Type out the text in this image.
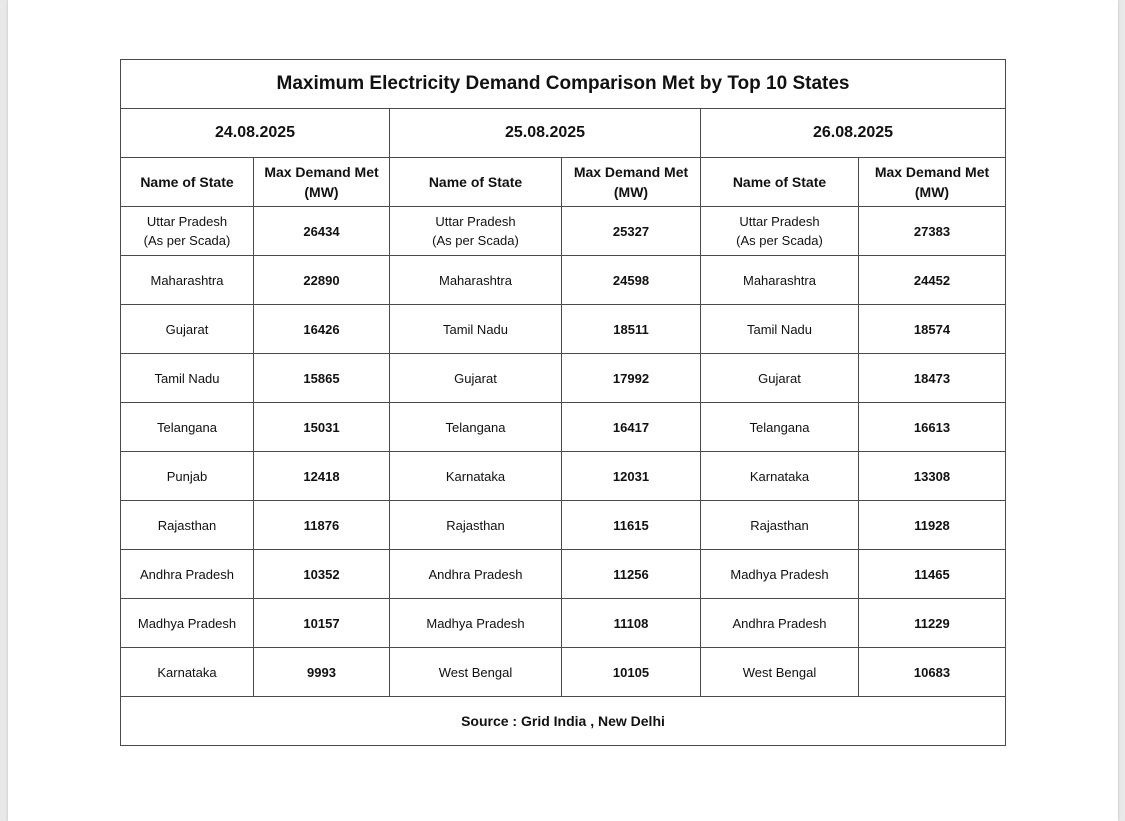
Maximum Electricity Demand Comparison Met by Top 10 States					
24.08.2025		25.08.2025		26.08.2025	
Name of State	Max Demand Met
(MW)	Name of State	Max Demand Met
(MW)	Name of State	Max Demand Met
(MW)

Uttar Pradesh
(As per Scada)	26434	Uttar Pradesh
(As per Scada)	25327	Uttar Pradesh
(As per Scada)	27383

Maharashtra	22890	Maharashtra	24598	Maharashtra	24452

Gujarat	16426	Tamil Nadu	18511	Tamil Nadu	18574

Tamil Nadu	15865	Gujarat	17992	Gujarat	18473

Telangana	15031	Telangana	16417	Telangana	16613

Punjab	12418	Karnataka	12031	Karnataka	13308

Rajasthan	11876	Rajasthan	11615	Rajasthan	11928

Andhra Pradesh	10352	Andhra Pradesh	11256	Madhya Pradesh	11465

Madhya Pradesh	10157	Madhya Pradesh	11108	Andhra Pradesh	11229

Karnataka	9993	West Bengal	10105	West Bengal	10683
Source : Grid India , New Delhi					
